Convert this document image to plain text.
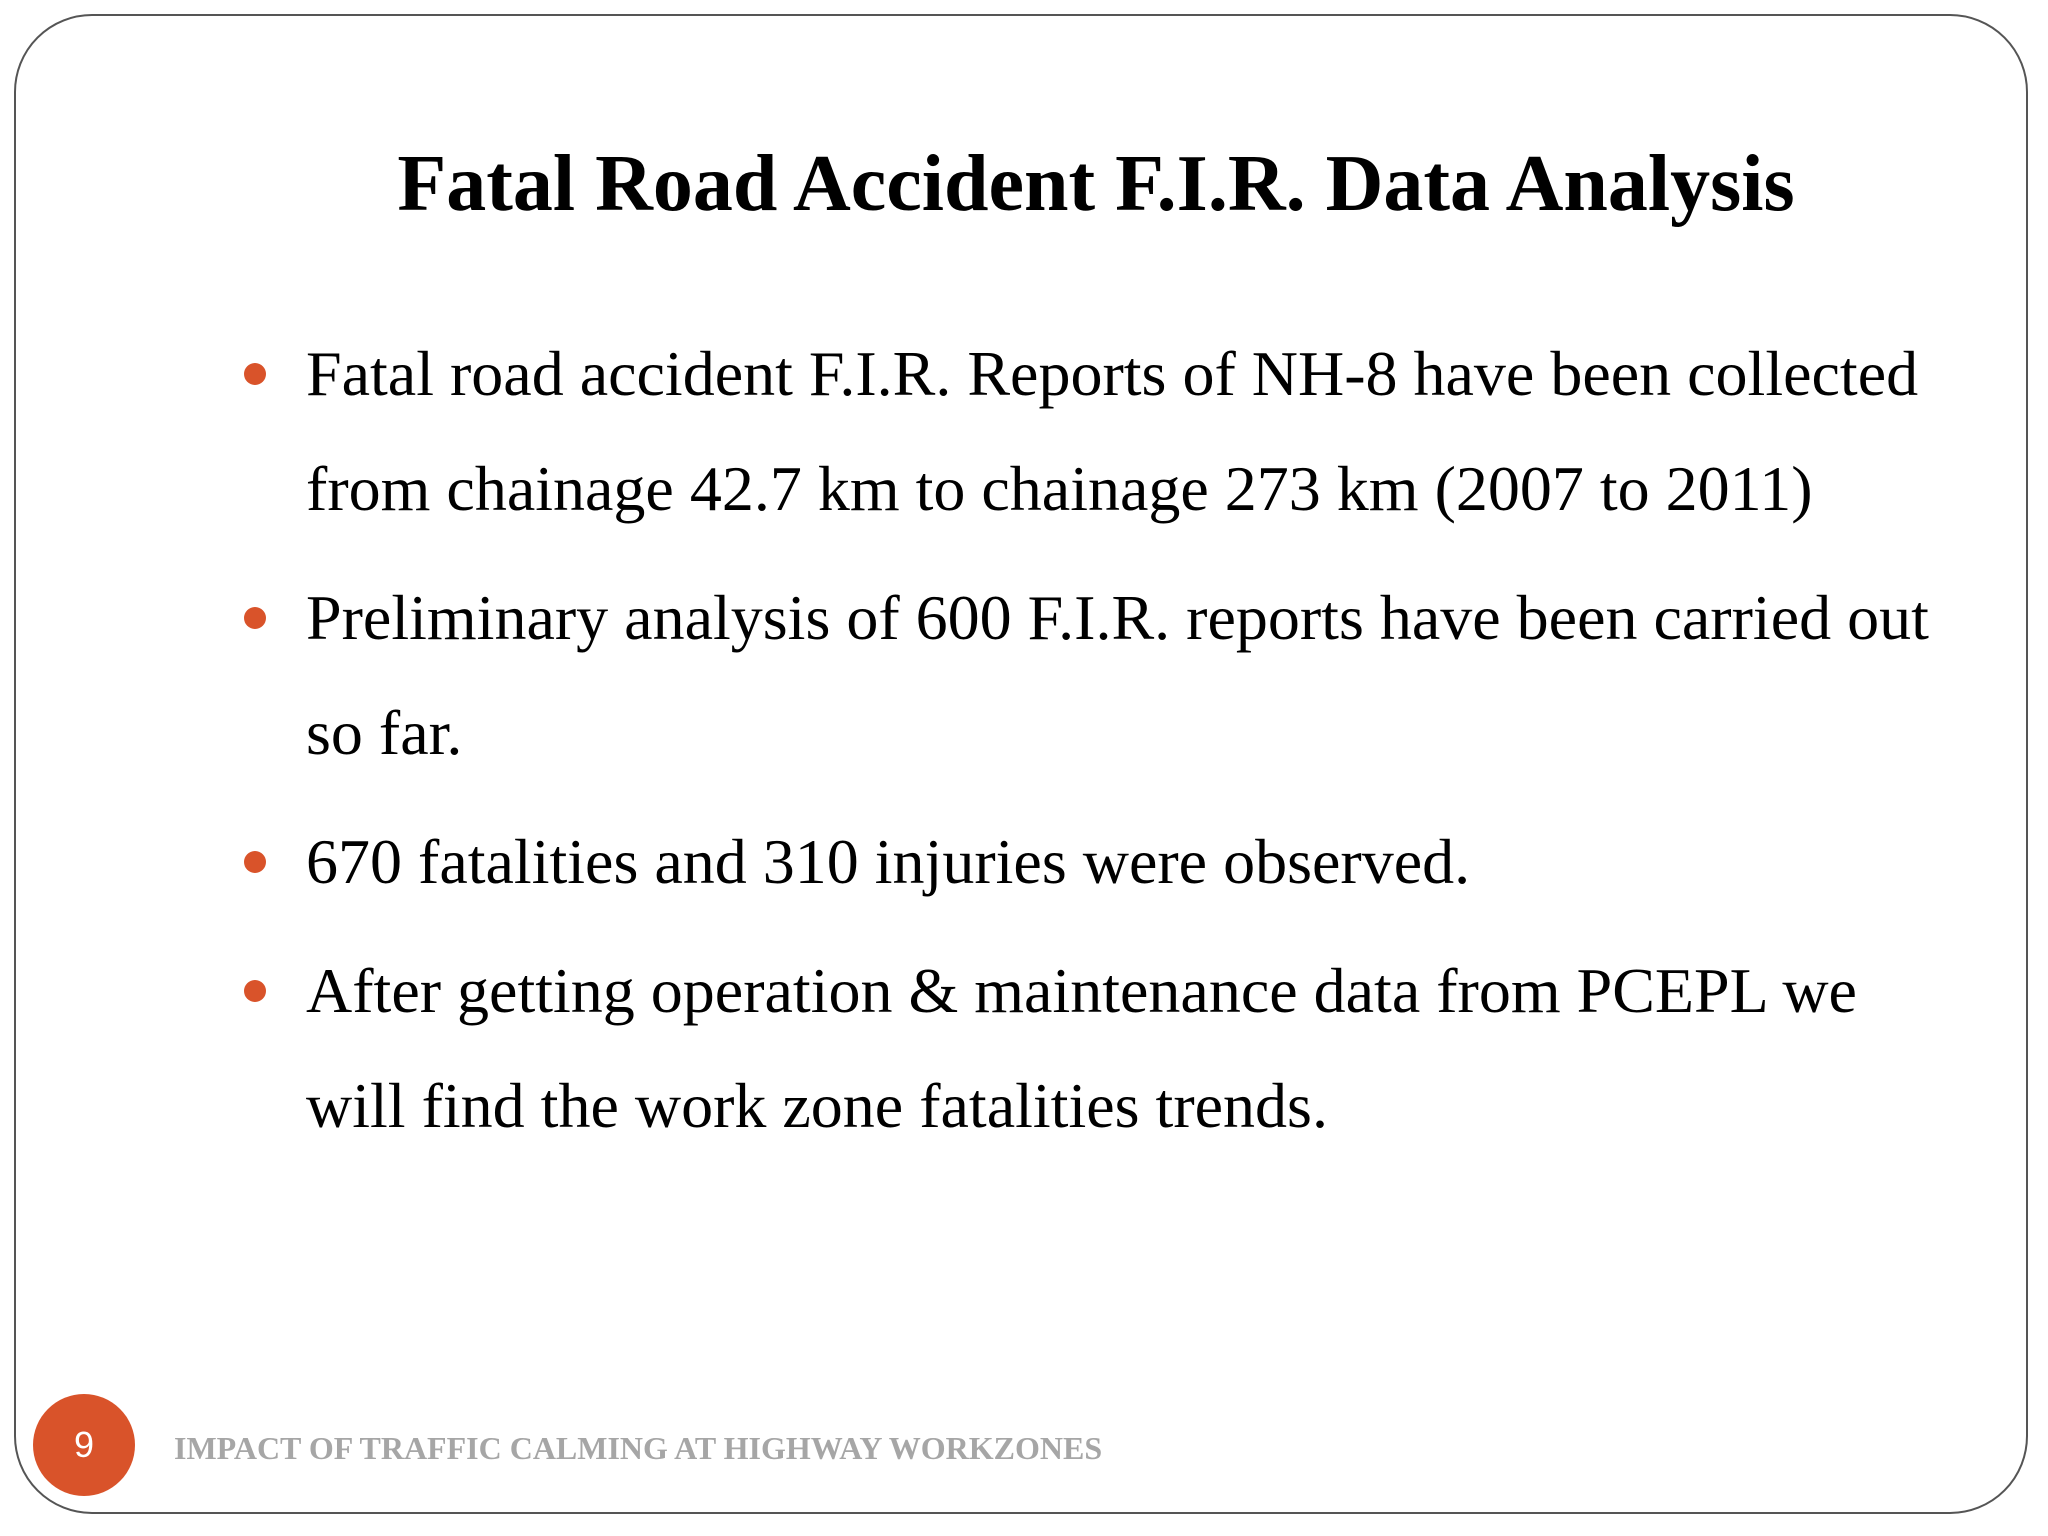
Fatal Road Accident F.I.R. Data Analysis
Fatal road accident F.I.R. Reports of NH-8 have been collected from chainage 42.7 km to chainage 273 km (2007 to 2011)
Preliminary analysis of 600 F.I.R. reports have been carried out so far.
670 fatalities and 310 injuries were observed.
After getting operation & maintenance data from PCEPL we will find the work zone fatalities trends.
9 IMPACT OF TRAFFIC CALMING AT HIGHWAY WORKZONES
